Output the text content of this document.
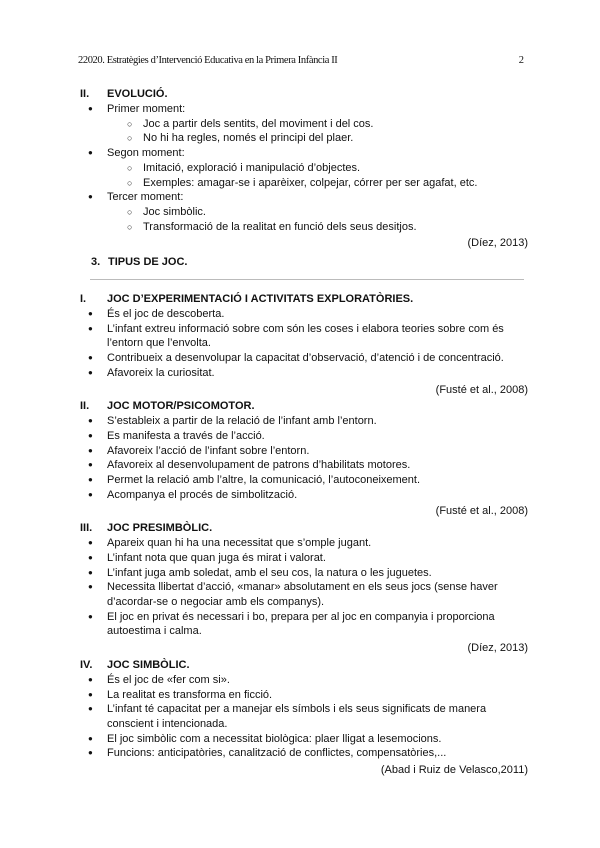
22020. Estratègies d’Intervenció Educativa en la Primera Infància II	2
II. EVOLUCIÓ.
● Primer moment:
○ Joc a partir dels sentits, del moviment i del cos.
○ No hi ha regles, només el principi del plaer.
● Segon moment:
○ Imitació, exploració i manipulació d’objectes.
○ Exemples: amagar-se i aparèixer, colpejar, córrer per ser agafat, etc.
● Tercer moment:
○ Joc simbòlic.
○ Transformació de la realitat en funció dels seus desitjos.
(Díez, 2013)
3. TIPUS DE JOC.
I. JOC D’EXPERIMENTACIÓ I ACTIVITATS EXPLORATÒRIES.
● És el joc de descoberta.
● L’infant extreu informació sobre com són les coses i elabora teories sobre com és l’entorn que l’envolta.
● Contribueix a desenvolupar la capacitat d’observació, d’atenció i de concentració.
● Afavoreix la curiositat.
(Fusté et al., 2008)
II. JOC MOTOR/PSICOMOTOR.
● S’estableix a partir de la relació de l’infant amb l’entorn.
● Es manifesta a través de l’acció.
● Afavoreix l’acció de l’infant sobre l’entorn.
● Afavoreix al desenvolupament de patrons d’habilitats motores.
● Permet la relació amb l’altre, la comunicació, l’autoconeixement.
● Acompanya el procés de simbolització.
(Fusté et al., 2008)
III. JOC PRESIMBÒLIC.
● Apareix quan hi ha una necessitat que s’omple jugant.
● L’infant nota que quan juga és mirat i valorat.
● L’infant juga amb soledat, amb el seu cos, la natura o les juguetes.
● Necessita llibertat d’acció, «manar» absolutament en els seus jocs (sense haver d’acordar-se o negociar amb els companys).
● El joc en privat és necessari i bo, prepara per al joc en companyia i proporciona autoestima i calma.
(Díez, 2013)
IV. JOC SIMBÒLIC.
● És el joc de «fer com si».
● La realitat es transforma en ficció.
● L’infant té capacitat per a manejar els símbols i els seus significats de manera conscient i intencionada.
● El joc simbòlic com a necessitat biològica: plaer lligat a lesemocions.
● Funcions: anticipatòries, canalització de conflictes, compensatòries,...
(Abad i Ruiz de Velasco,2011)
